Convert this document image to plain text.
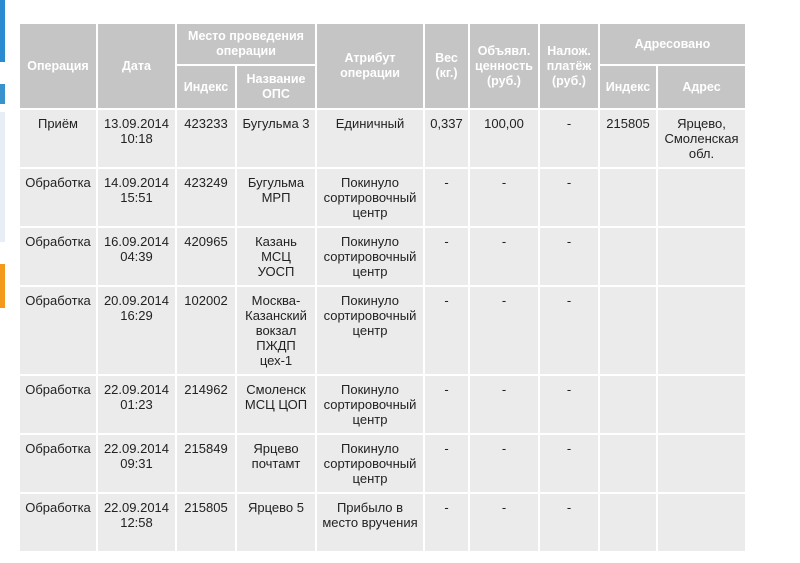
Операция	Дата	Место проведения операции		Атрибут операции	Вес (кг.)	Объявл. ценность (руб.)	Налож. платёж (руб.)	Адресовано	
		Индекс	Название ОПС					Индекс	Адрес
Приём	13.09.2014 10:18	423233	Бугульма 3	Единичный	0,337	100,00	-	215805	Ярцево, Смоленская обл.
Обработка	14.09.2014 15:51	423249	Бугульма МРП	Покинуло сортировочный центр	-	-	-		
Обработка	16.09.2014 04:39	420965	Казань МСЦ УОСП	Покинуло сортировочный центр	-	-	-		
Обработка	20.09.2014 16:29	102002	Москва-Казанский вокзал ПЖДП цех-1	Покинуло сортировочный центр	-	-	-		
Обработка	22.09.2014 01:23	214962	Смоленск МСЦ ЦОП	Покинуло сортировочный центр	-	-	-		
Обработка	22.09.2014 09:31	215849	Ярцево почтамт	Покинуло сортировочный центр	-	-	-		
Обработка	22.09.2014 12:58	215805	Ярцево 5	Прибыло в место вручения	-	-	-		
